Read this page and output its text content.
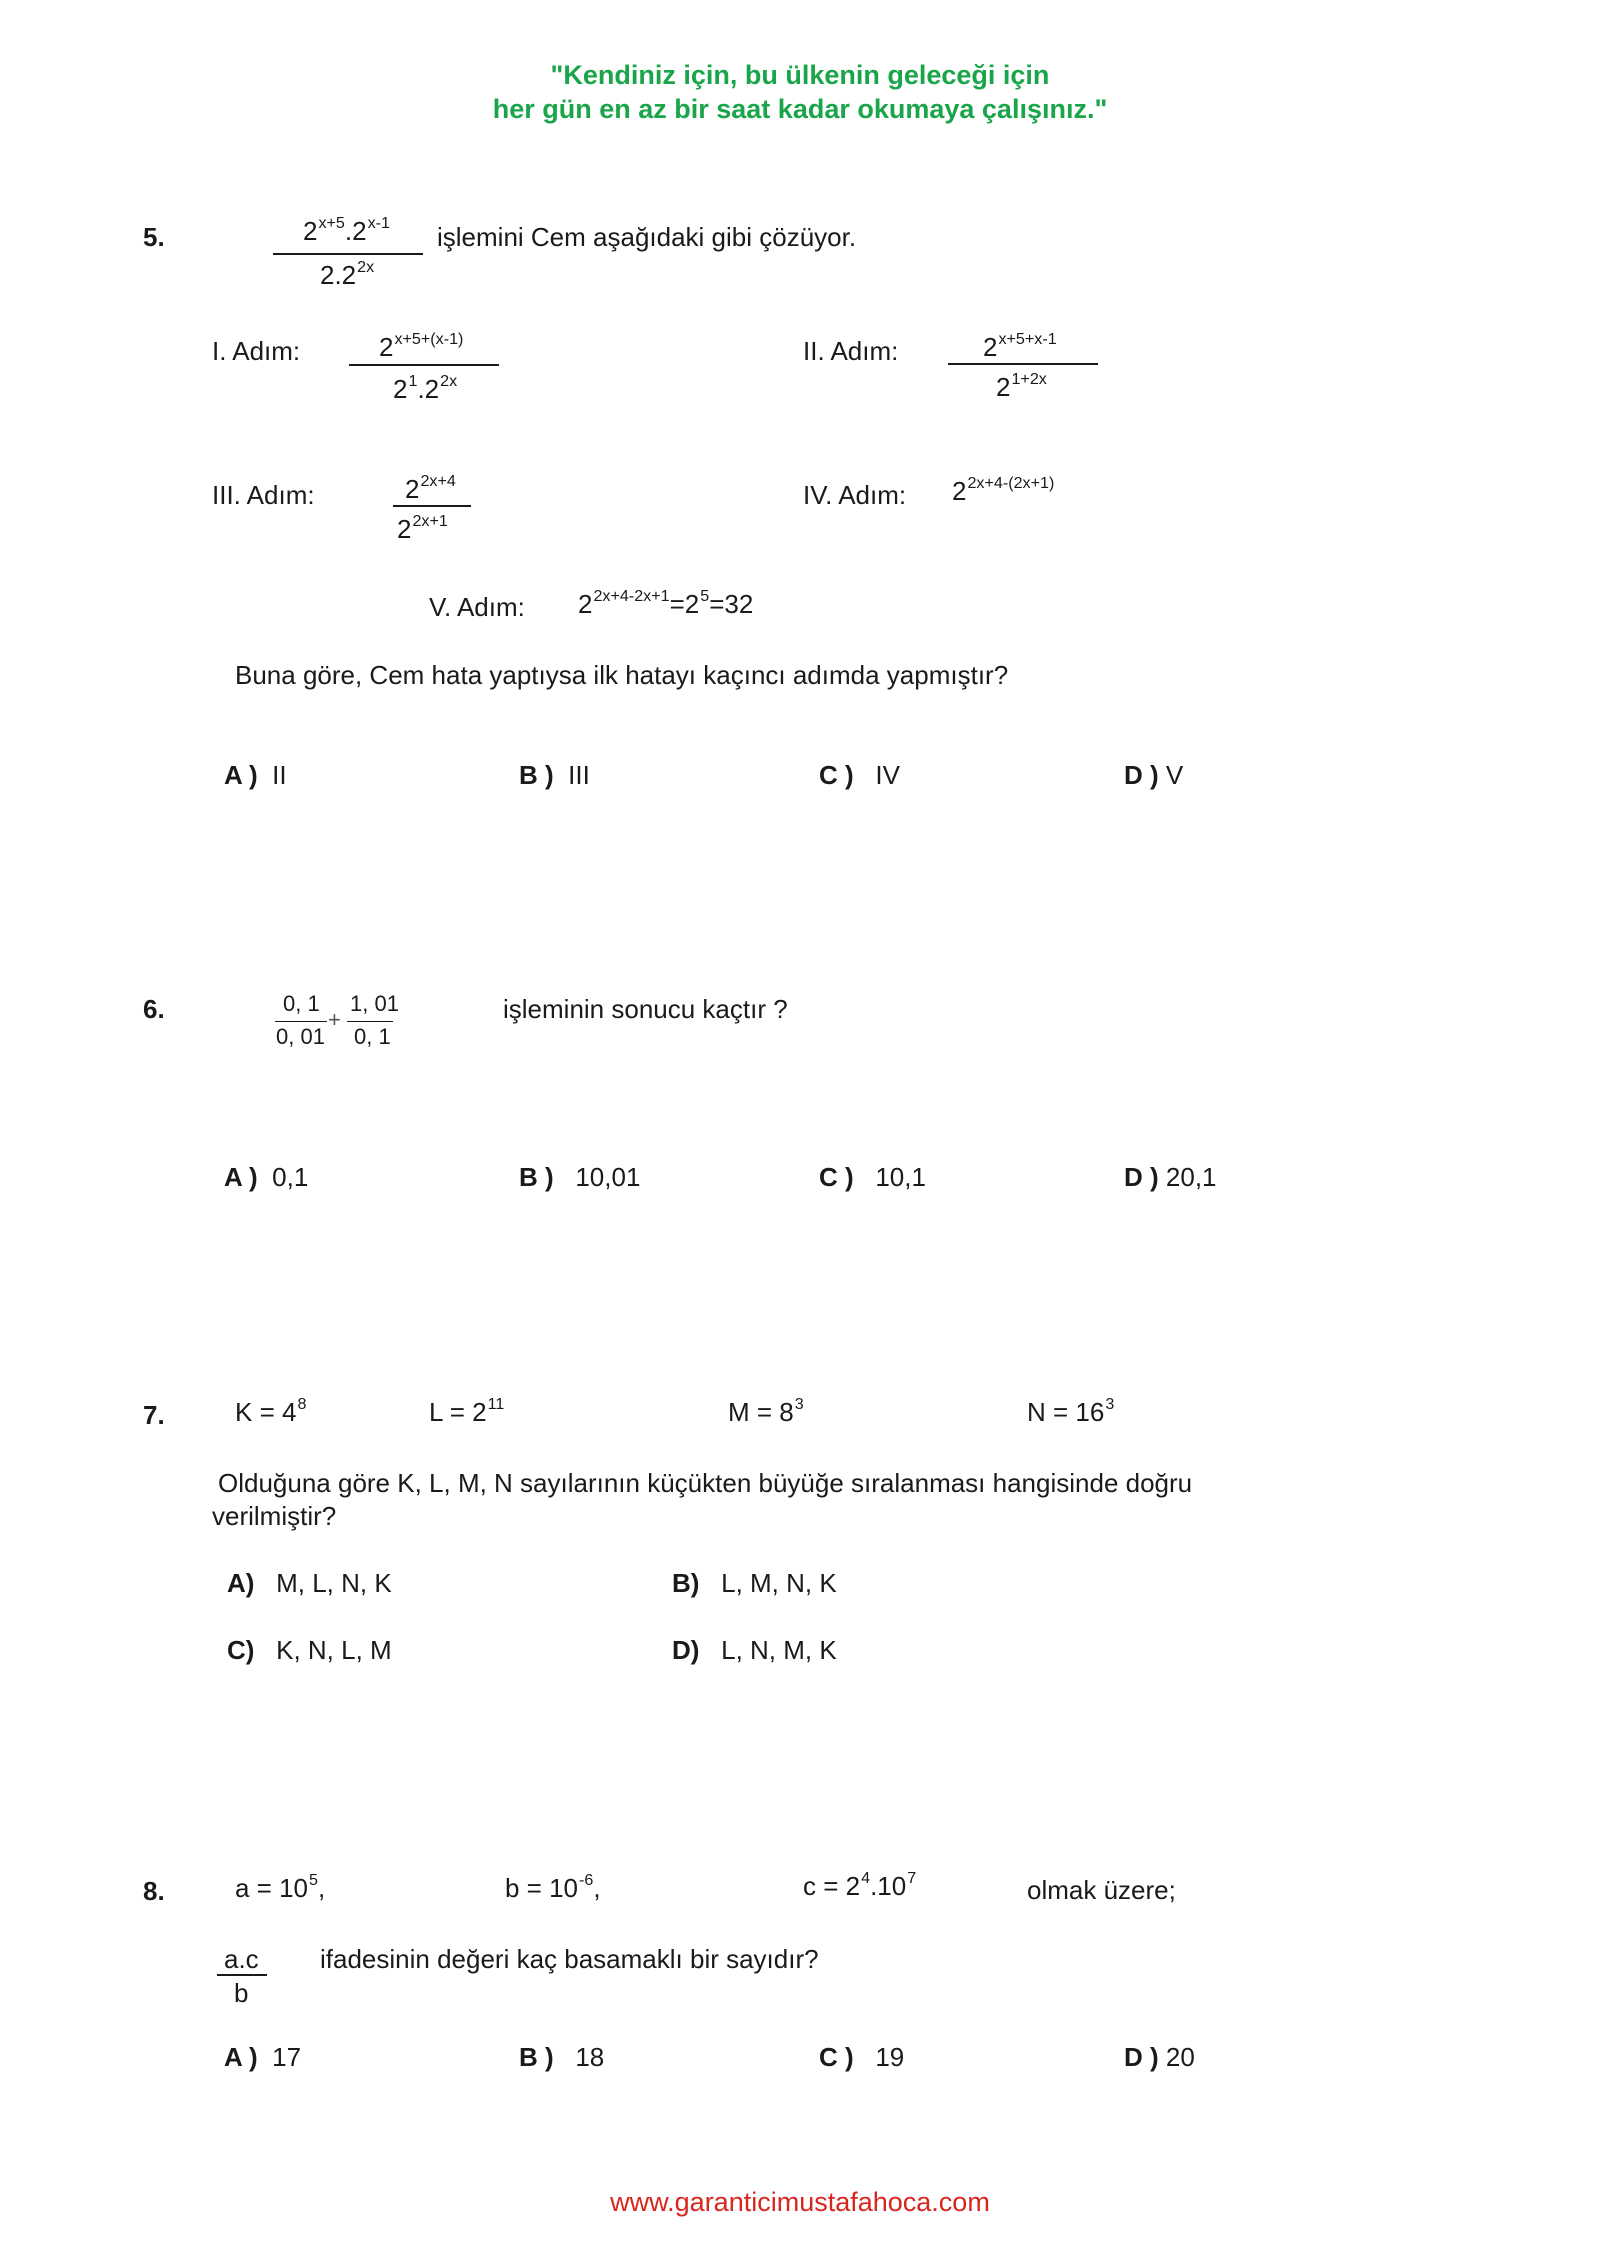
"Kendiniz için, bu ülkenin geleceği için
her gün en az bir saat kadar okumaya çalışınız."
5.	$2^{x+5}.2^{x-1}$
$2.2^{2x}$
işlemini Cem aşağıdaki gibi çözüyor.
I. Adım:	$2^{x+5+(x-1)}$
$2^1.2^{2x}$
II. Adım:	$2^{x+5+x-1}$
$2^{1+2x}$
III. Adım:	$2^{2x+4}$
$2^{2x+1}$
IV. Adım: $2^{2x+4-(2x+1)}$
V. Adım: $2^{2x+4-2x+1}=2^5=32$
Buna göre, Cem hata yaptıysa ilk hatayı kaçıncı adımda yapmıştır?
A ) II	B ) III	C ) IV	D ) V
6.	0, 1
0, 01
+
1, 01
0, 1
işleminin sonucu kaçtır ?
A ) 0,1	B ) 10,01	C ) 10,1	D ) 20,1
7.	$K = 4^8$	$L = 2^{11}$	$M = 8^3$	$N = 16^3$
Olduğuna göre K, L, M, N sayılarının küçükten büyüğe sıralanması hangisinde doğru
verilmiştir?
A) M, L, N, K	B) L, M, N, K
C) K, N, L, M	D) L, N, M, K
8.	$a = 10^5$,	$b = 10^{-6}$,	$c = 2^4.10^7$	olmak üzere;
a.c
b
ifadesinin değeri kaç basamaklı bir sayıdır?
A ) 17	B ) 18	C ) 19	D ) 20
www.garanticimustafahoca.com
